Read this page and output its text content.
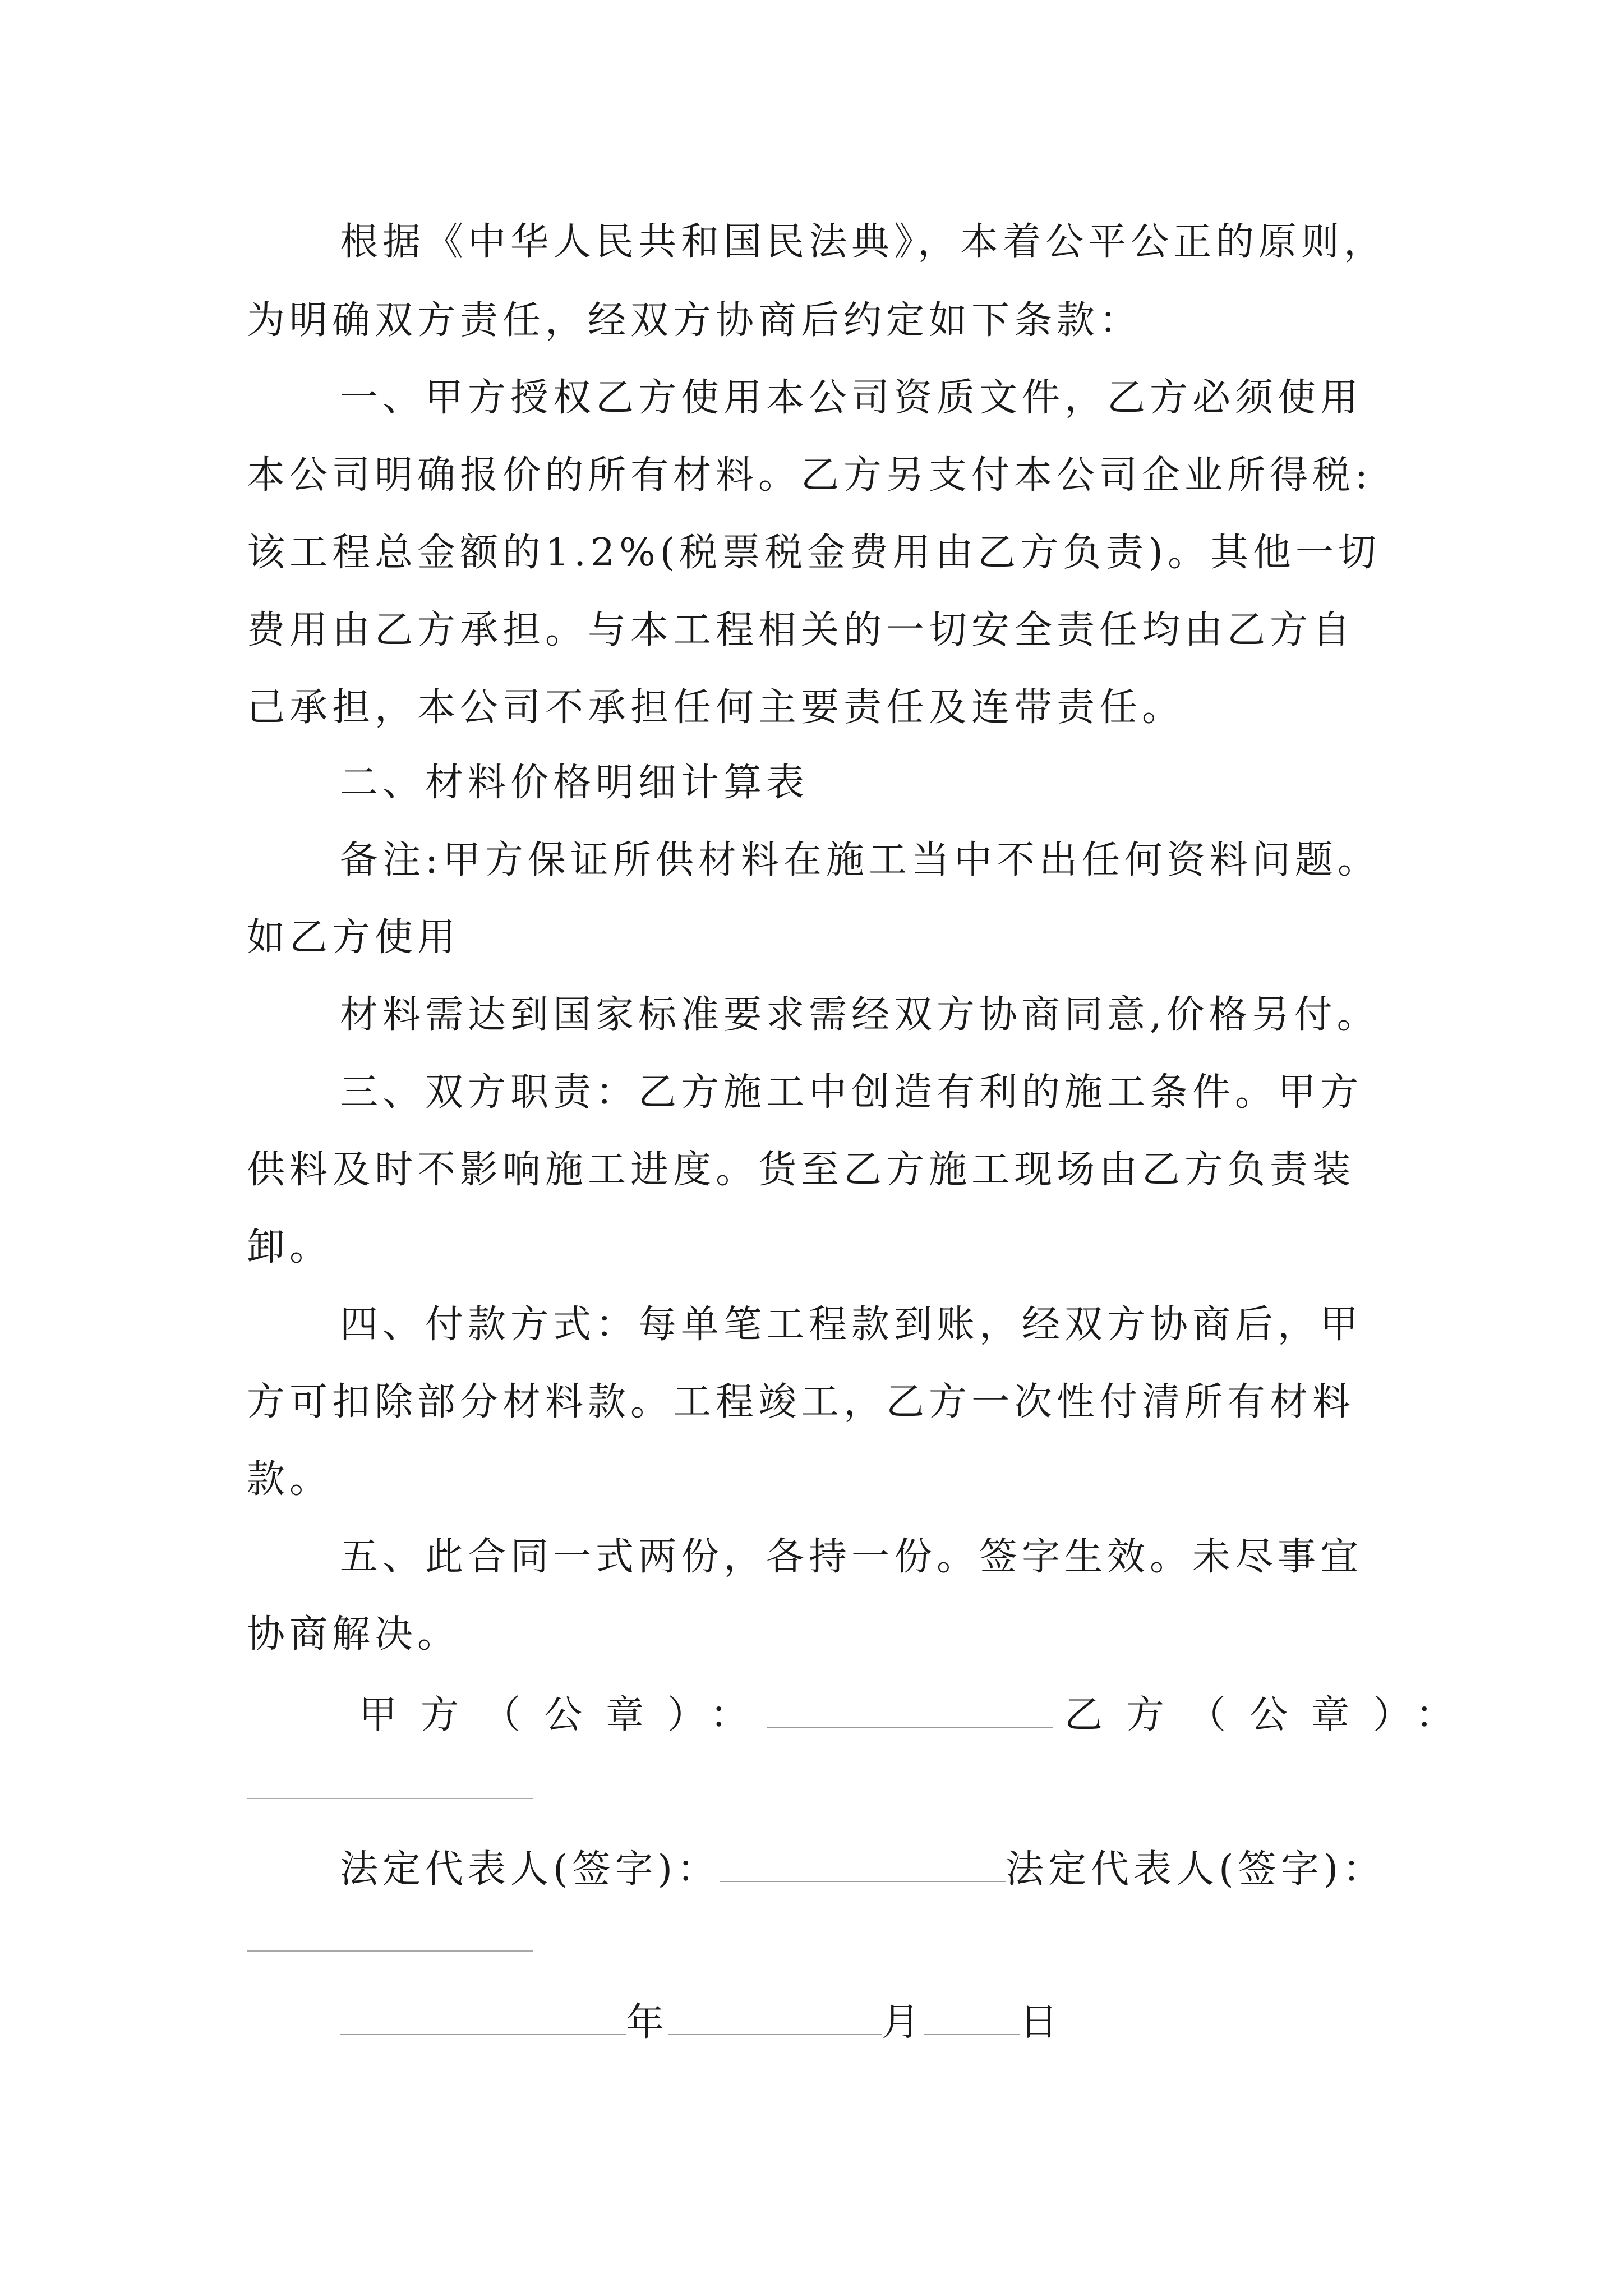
根据《中华人民共和国民法典》，本着公平公正的原则，
为明确双方责任，经双方协商后约定如下条款：
一、甲方授权乙方使用本公司资质文件，乙方必须使用
本公司明确报价的所有材料。乙方另支付本公司企业所得税:
该工程总金额的1.2%(税票税金费用由乙方负责)。其他一切
费用由乙方承担。与本工程相关的一切安全责任均由乙方自
己承担，本公司不承担任何主要责任及连带责任。
二、材料价格明细计算表
备注:甲方保证所供材料在施工当中不出任何资料问题。
如乙方使用
材料需达到国家标准要求需经双方协商同意,价格另付。
三、双方职责：乙方施工中创造有利的施工条件。甲方
供料及时不影响施工进度。货至乙方施工现场由乙方负责装
卸。
四、付款方式：每单笔工程款到账，经双方协商后，甲
方可扣除部分材料款。工程竣工，乙方一次性付清所有材料
款。
五、此合同一式两份，各持一份。签字生效。未尽事宜
协商解决。
甲方（公章）：	乙方（公章）：
法定代表人(签字)：	法定代表人(签字)：
年	月	日
